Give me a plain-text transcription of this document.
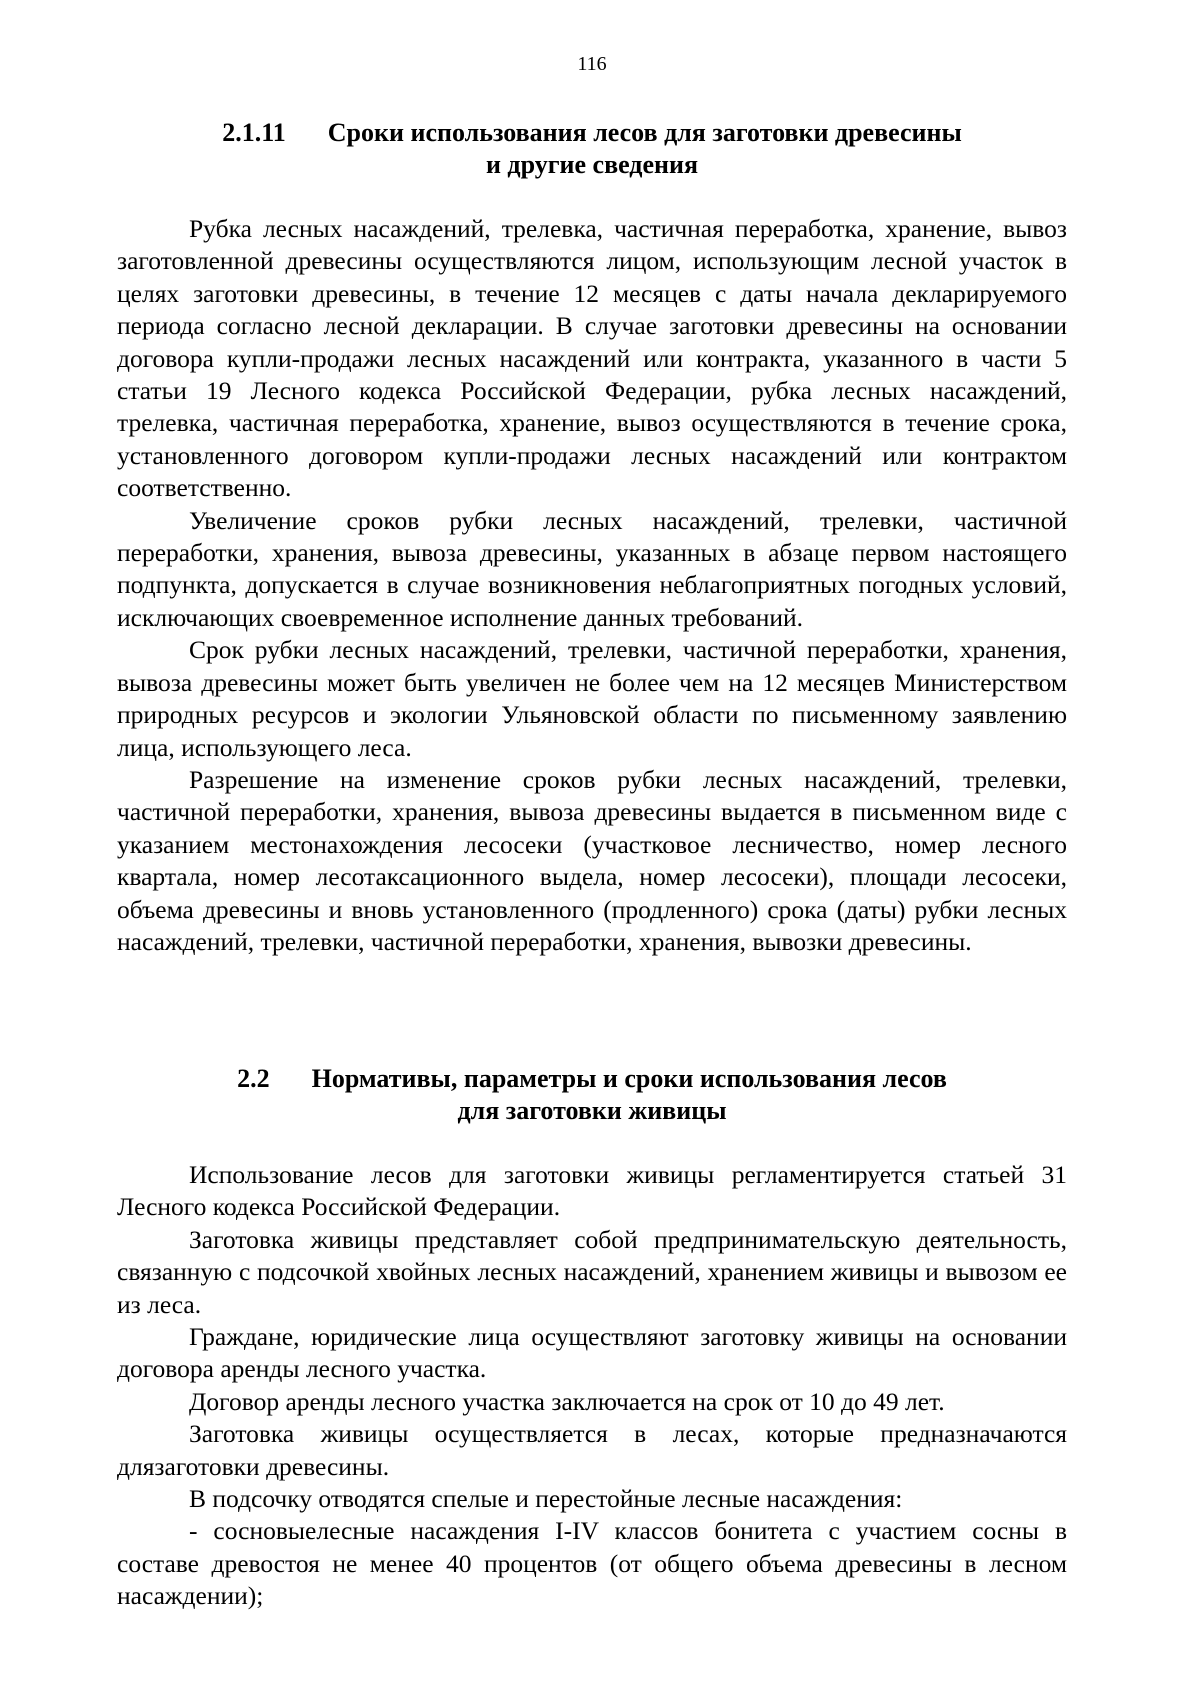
116
2.1.11 Сроки использования лесов для заготовки древесины
и другие сведения

Рубка лесных насаждений, трелевка, частичная переработка, хранение, вывоз заготовленной древесины осуществляются лицом, использующим лесной участок в целях заготовки древесины, в течение 12 месяцев с даты начала декларируемого периода согласно лесной декларации. В случае заготовки древесины на основании договора купли-продажи лесных насаждений или контракта, указанного в части 5 статьи 19 Лесного кодекса Российской Федерации, рубка лесных насаждений, трелевка, частичная переработка, хранение, вывоз осуществляются в течение срока, установленного договором купли-продажи лесных насаждений или контрактом соответственно.

Увеличение сроков рубки лесных насаждений, трелевки, частичной переработки, хранения, вывоза древесины, указанных в абзаце первом настоящего подпункта, допускается в случае возникновения неблагоприятных погодных условий, исключающих своевременное исполнение данных требований.

Срок рубки лесных насаждений, трелевки, частичной переработки, хранения, вывоза древесины может быть увеличен не более чем на 12 месяцев Министерством природных ресурсов и экологии Ульяновской области по письменному заявлению лица, использующего леса.

Разрешение на изменение сроков рубки лесных насаждений, трелевки, частичной переработки, хранения, вывоза древесины выдается в письменном виде с указанием местонахождения лесосеки (участковое лесничество, номер лесного квартала, номер лесотаксационного выдела, номер лесосеки), площади лесосеки, объема древесины и вновь установленного (продленного) срока (даты) рубки лесных насаждений, трелевки, частичной переработки, хранения, вывозки древесины.

2.2 Нормативы, параметры и сроки использования лесов
для заготовки живицы

Использование лесов для заготовки живицы регламентируется статьей 31 Лесного кодекса Российской Федерации.

Заготовка живицы представляет собой предпринимательскую деятельность, связанную с подсочкой хвойных лесных насаждений, хранением живицы и вывозом ее из леса.

Граждане, юридические лица осуществляют заготовку живицы на основании договора аренды лесного участка.

Договор аренды лесного участка заключается на срок от 10 до 49 лет.

Заготовка живицы осуществляется в лесах, которые предназначаются длязаготовки древесины.

В подсочку отводятся спелые и перестойные лесные насаждения:

- сосновыелесные насаждения I-IV классов бонитета с участием сосны в составе древостоя не менее 40 процентов (от общего объема древесины в лесном насаждении);
